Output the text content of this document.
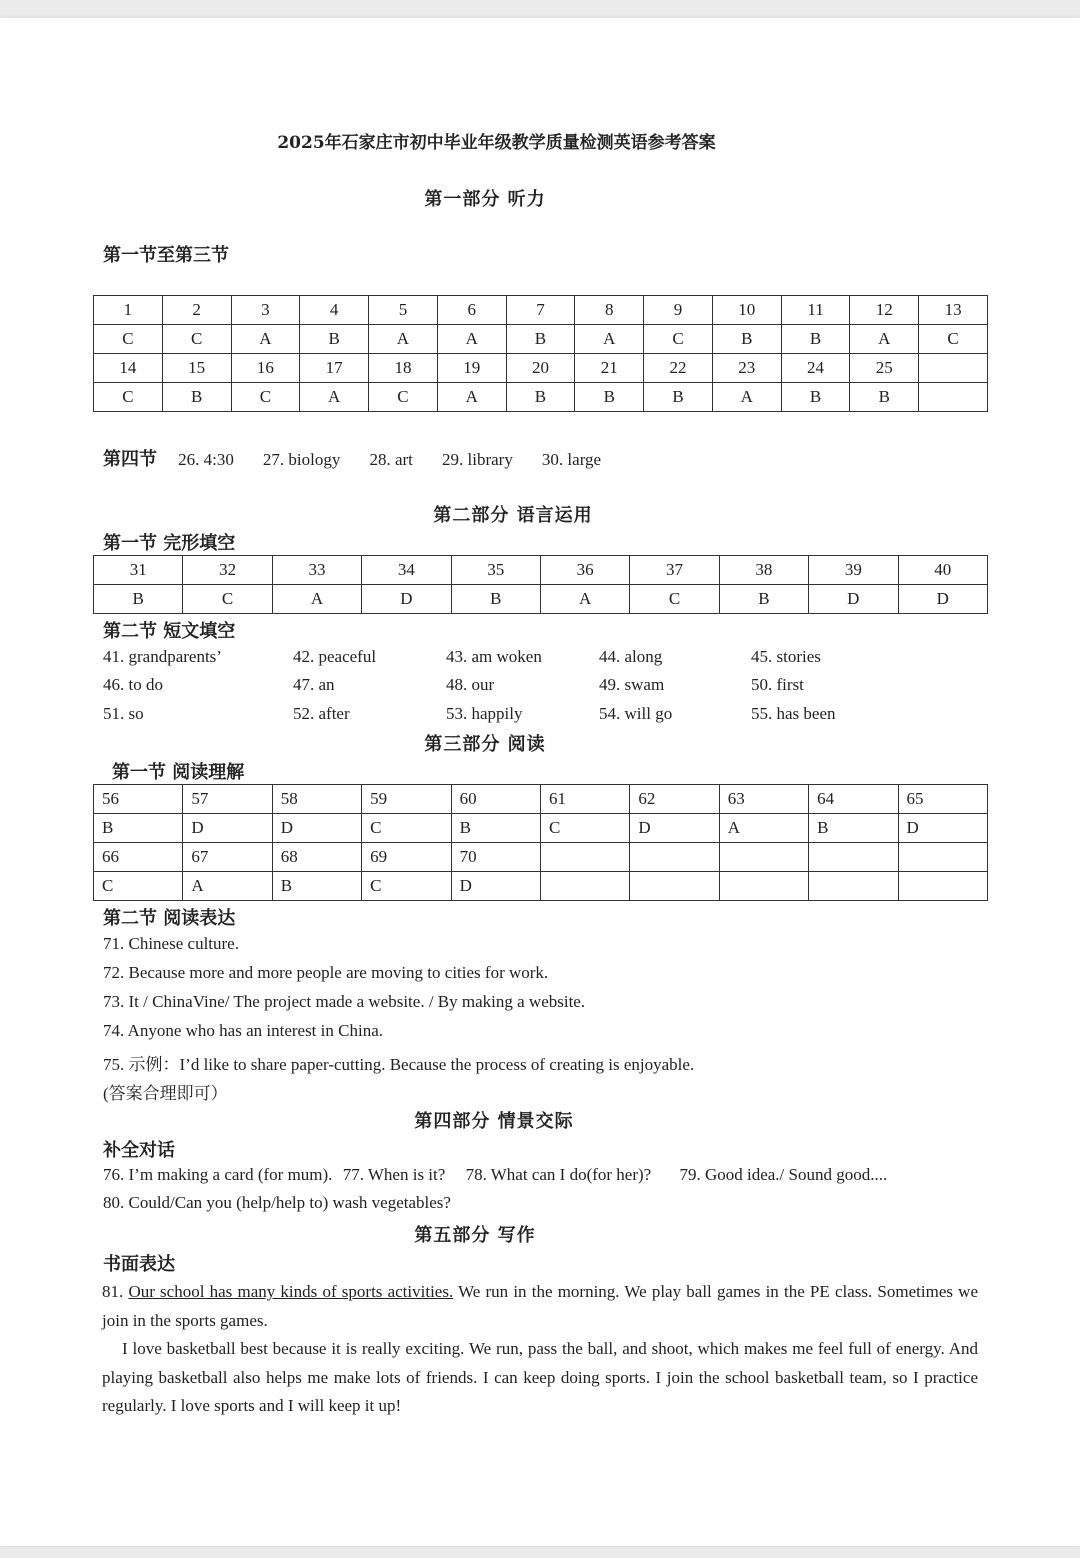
2025年石家庄市初中毕业年级教学质量检测英语参考答案
第一部分 听力
第一节至第三节
1	2	3	4	5	6	7	8	9	10	11	12	13
C	C	A	B	A	A	B	A	C	B	B	A	C
14	15	16	17	18	19	20	21	22	23	24	25	
C	B	C	A	C	A	B	B	B	A	B	B	
第四节 26. 4:30 27. biology 28. art 29. library 30. large
第二部分 语言运用
第一节 完形填空
31	32	33	34	35	36	37	38	39	40
B	C	A	D	B	A	C	B	D	D
第二节 短文填空
41. grandparents’	42. peaceful	43. am woken	44. along	45. stories
46. to do	47. an	48. our	49. swam	50. first
51. so	52. after	53. happily	54. will go	55. has been
第三部分 阅读
第一节 阅读理解
56	57	58	59	60	61	62	63	64	65
B	D	D	C	B	C	D	A	B	D
66	67	68	69	70					
C	A	B	C	D					
第二节 阅读表达
71. Chinese culture.
72. Because more and more people are moving to cities for work.
73. It / ChinaVine/ The project made a website. / By making a website.
74. Anyone who has an interest in China.
75. 示例：I’d like to share paper-cutting. Because the process of creating is enjoyable.
(答案合理即可）
第四部分 情景交际
补全对话
76. I’m making a card (for mum). 77. When is it? 78. What can I do(for her)? 79. Good idea./ Sound good....
80. Could/Can you (help/help to) wash vegetables?
第五部分 写作
书面表达
81. Our school has many kinds of sports activities. We run in the morning. We play ball games in the PE class. Sometimes we join in the sports games.
I love basketball best because it is really exciting. We run, pass the ball, and shoot, which makes me feel full of energy. And playing basketball also helps me make lots of friends. I can keep doing sports. I join the school basketball team, so I practice regularly. I love sports and I will keep it up!
